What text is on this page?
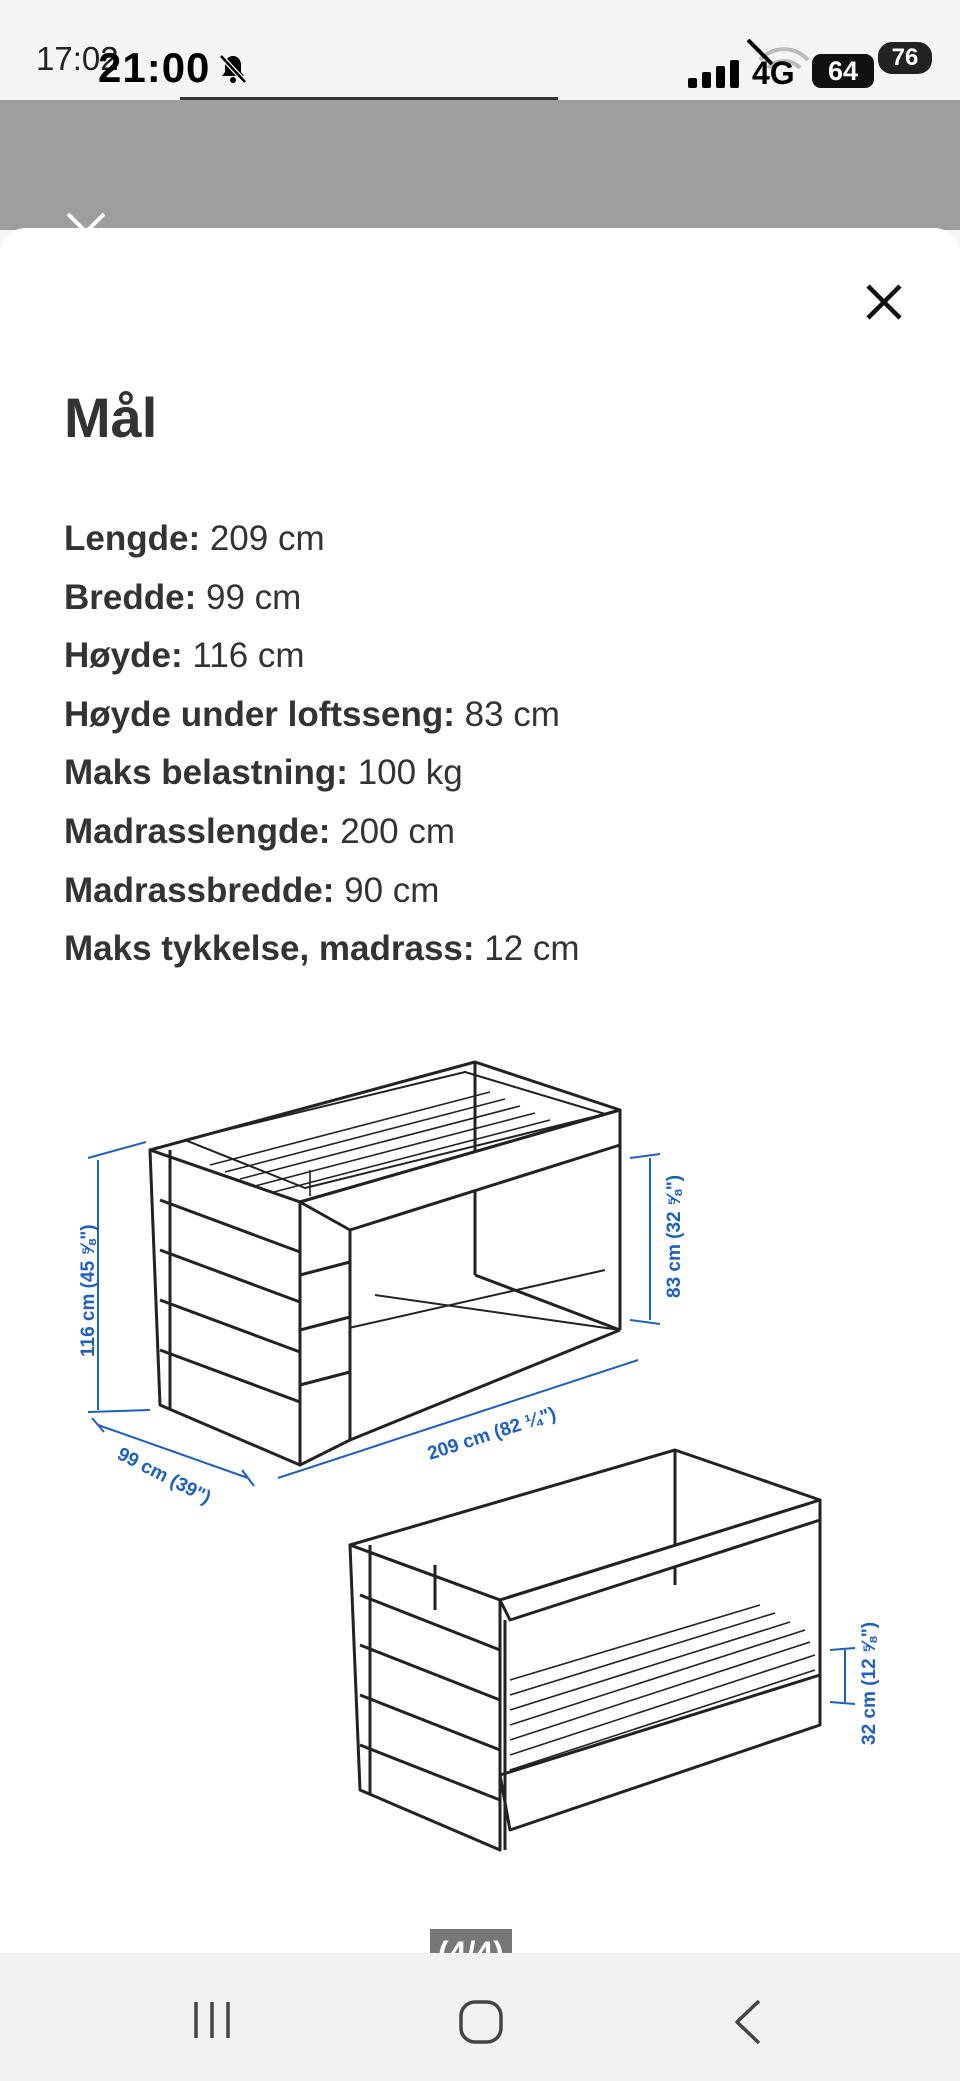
17:02
21:00	4G	64	76
Mål
Lengde: 209 cm
Bredde: 99 cm
Høyde: 116 cm
Høyde under loftsseng: 83 cm
Maks belastning: 100 kg
Madrasslengde: 200 cm
Madrassbredde: 90 cm
Maks tykkelse, madrass: 12 cm
116 cm (45 ⅝")
99 cm (39")
209 cm (82 ¼")
83 cm (32 ⅝")
32 cm (12 ⅝")
